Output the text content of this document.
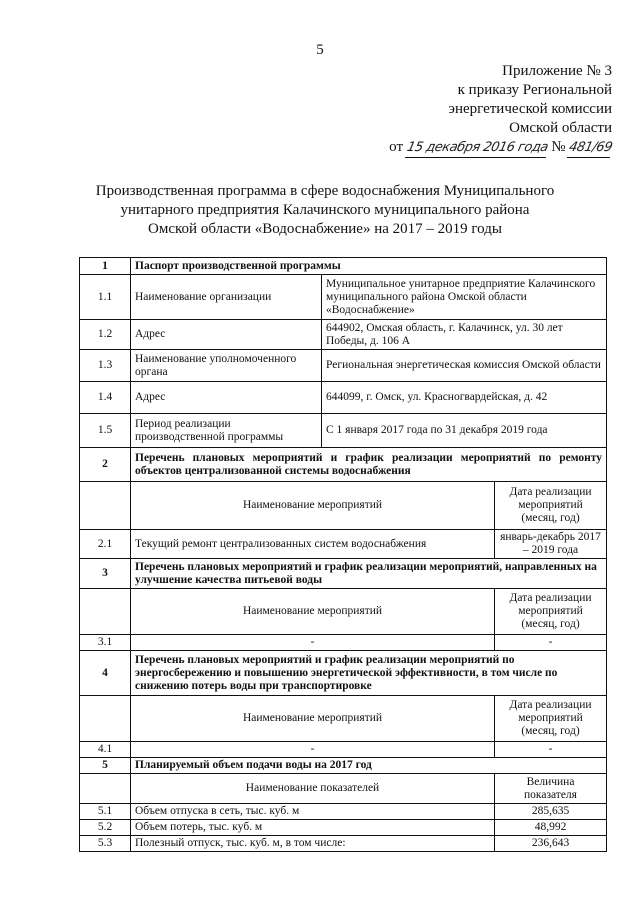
5
Приложение № 3
к приказу Региональной
энергетической комиссии
Омской области
от 15 декабря 2016 года № 481/69
Производственная программа в сфере водоснабжения Муниципального
унитарного предприятия Калачинского муниципального района
Омской области «Водоснабжение» на 2017 – 2019 годы
1	Паспорт производственной программы		
1.1	Наименование организации	Муниципальное унитарное предприятие Калачинского муниципального района Омской области «Водоснабжение»	
1.2	Адрес	644902, Омская область, г. Калачинск, ул. 30 лет Победы, д. 106 А	
1.3	Наименование уполномоченного органа	Региональная энергетическая комиссия Омской области	
1.4	Адрес	644099, г. Омск, ул. Красногвардейская, д. 42	
1.5	Период реализации производственной программы	С 1 января 2017 года по 31 декабря 2019 года	
2	Перечень плановых мероприятий и график реализации мероприятий по ремонту объектов централизованной системы водоснабжения		
	Наименование мероприятий		Дата реализации мероприятий (месяц, год)
2.1	Текущий ремонт централизованных систем водоснабжения		январь-декабрь 2017 – 2019 года
3	Перечень плановых мероприятий и график реализации мероприятий, направленных на улучшение качества питьевой воды		
	Наименование мероприятий		Дата реализации мероприятий (месяц, год)
3.1	-		-
4	Перечень плановых мероприятий и график реализации мероприятий по энергосбережению и повышению энергетической эффективности, в том числе по снижению потерь воды при транспортировке		
	Наименование мероприятий		Дата реализации мероприятий (месяц, год)
4.1	-		-
5	Планируемый объем подачи воды на 2017 год		
	Наименование показателей		Величина показателя
5.1	Объем отпуска в сеть, тыс. куб. м		285,635
5.2	Объем потерь, тыс. куб. м		48,992
5.3	Полезный отпуск, тыс. куб. м, в том числе:		236,643
